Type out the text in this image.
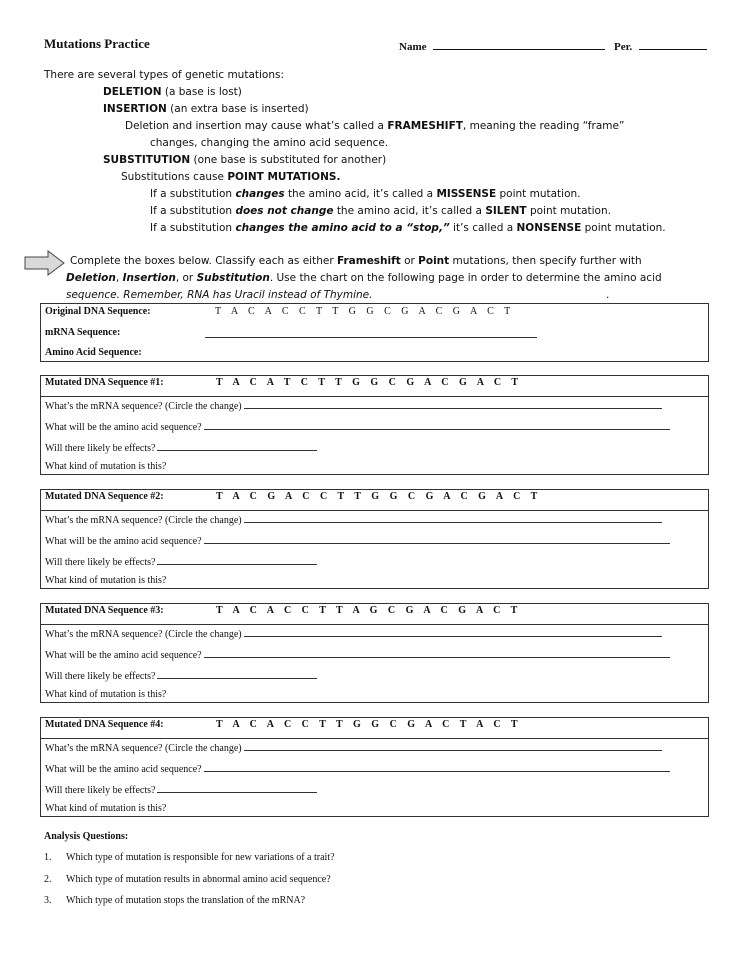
Mutations Practice	Name	Per.
There are several types of genetic mutations:
DELETION (a base is lost)
INSERTION (an extra base is inserted)
Deletion and insertion may cause what’s called a FRAMESHIFT, meaning the reading “frame”
changes, changing the amino acid sequence.
SUBSTITUTION (one base is substituted for another)
Substitutions cause POINT MUTATIONS.
If a substitution changes the amino acid, it’s called a MISSENSE point mutation.
If a substitution does not change the amino acid, it’s called a SILENT point mutation.
If a substitution changes the amino acid to a “stop,” it’s called a NONSENSE point mutation.
Complete the boxes below. Classify each as either Frameshift or Point mutations, then specify further with
Deletion, Insertion, or Substitution. Use the chart on the following page in order to determine the amino acid
sequence. Remember, RNA has Uracil instead of Thymine.	.
Original DNA Sequence:	T A C A C C T T G G C G A C G A C T
mRNA Sequence:
Amino Acid Sequence:
Mutated DNA Sequence #1:	T A C A T C T T G G C G A C G A C T
What’s the mRNA sequence? (Circle the change)
What will be the amino acid sequence?
Will there likely be effects?
What kind of mutation is this?
Mutated DNA Sequence #2:	T A C G A C C T T G G C G A C G A C T
What’s the mRNA sequence? (Circle the change)
What will be the amino acid sequence?
Will there likely be effects?
What kind of mutation is this?
Mutated DNA Sequence #3:	T A C A C C T T A G C G A C G A C T
What’s the mRNA sequence? (Circle the change)
What will be the amino acid sequence?
Will there likely be effects?
What kind of mutation is this?
Mutated DNA Sequence #4:	T A C A C C T T G G C G A C T A C T
What’s the mRNA sequence? (Circle the change)
What will be the amino acid sequence?
Will there likely be effects?
What kind of mutation is this?
Analysis Questions:
1. Which type of mutation is responsible for new variations of a trait?
2. Which type of mutation results in abnormal amino acid sequence?
3. Which type of mutation stops the translation of the mRNA?
